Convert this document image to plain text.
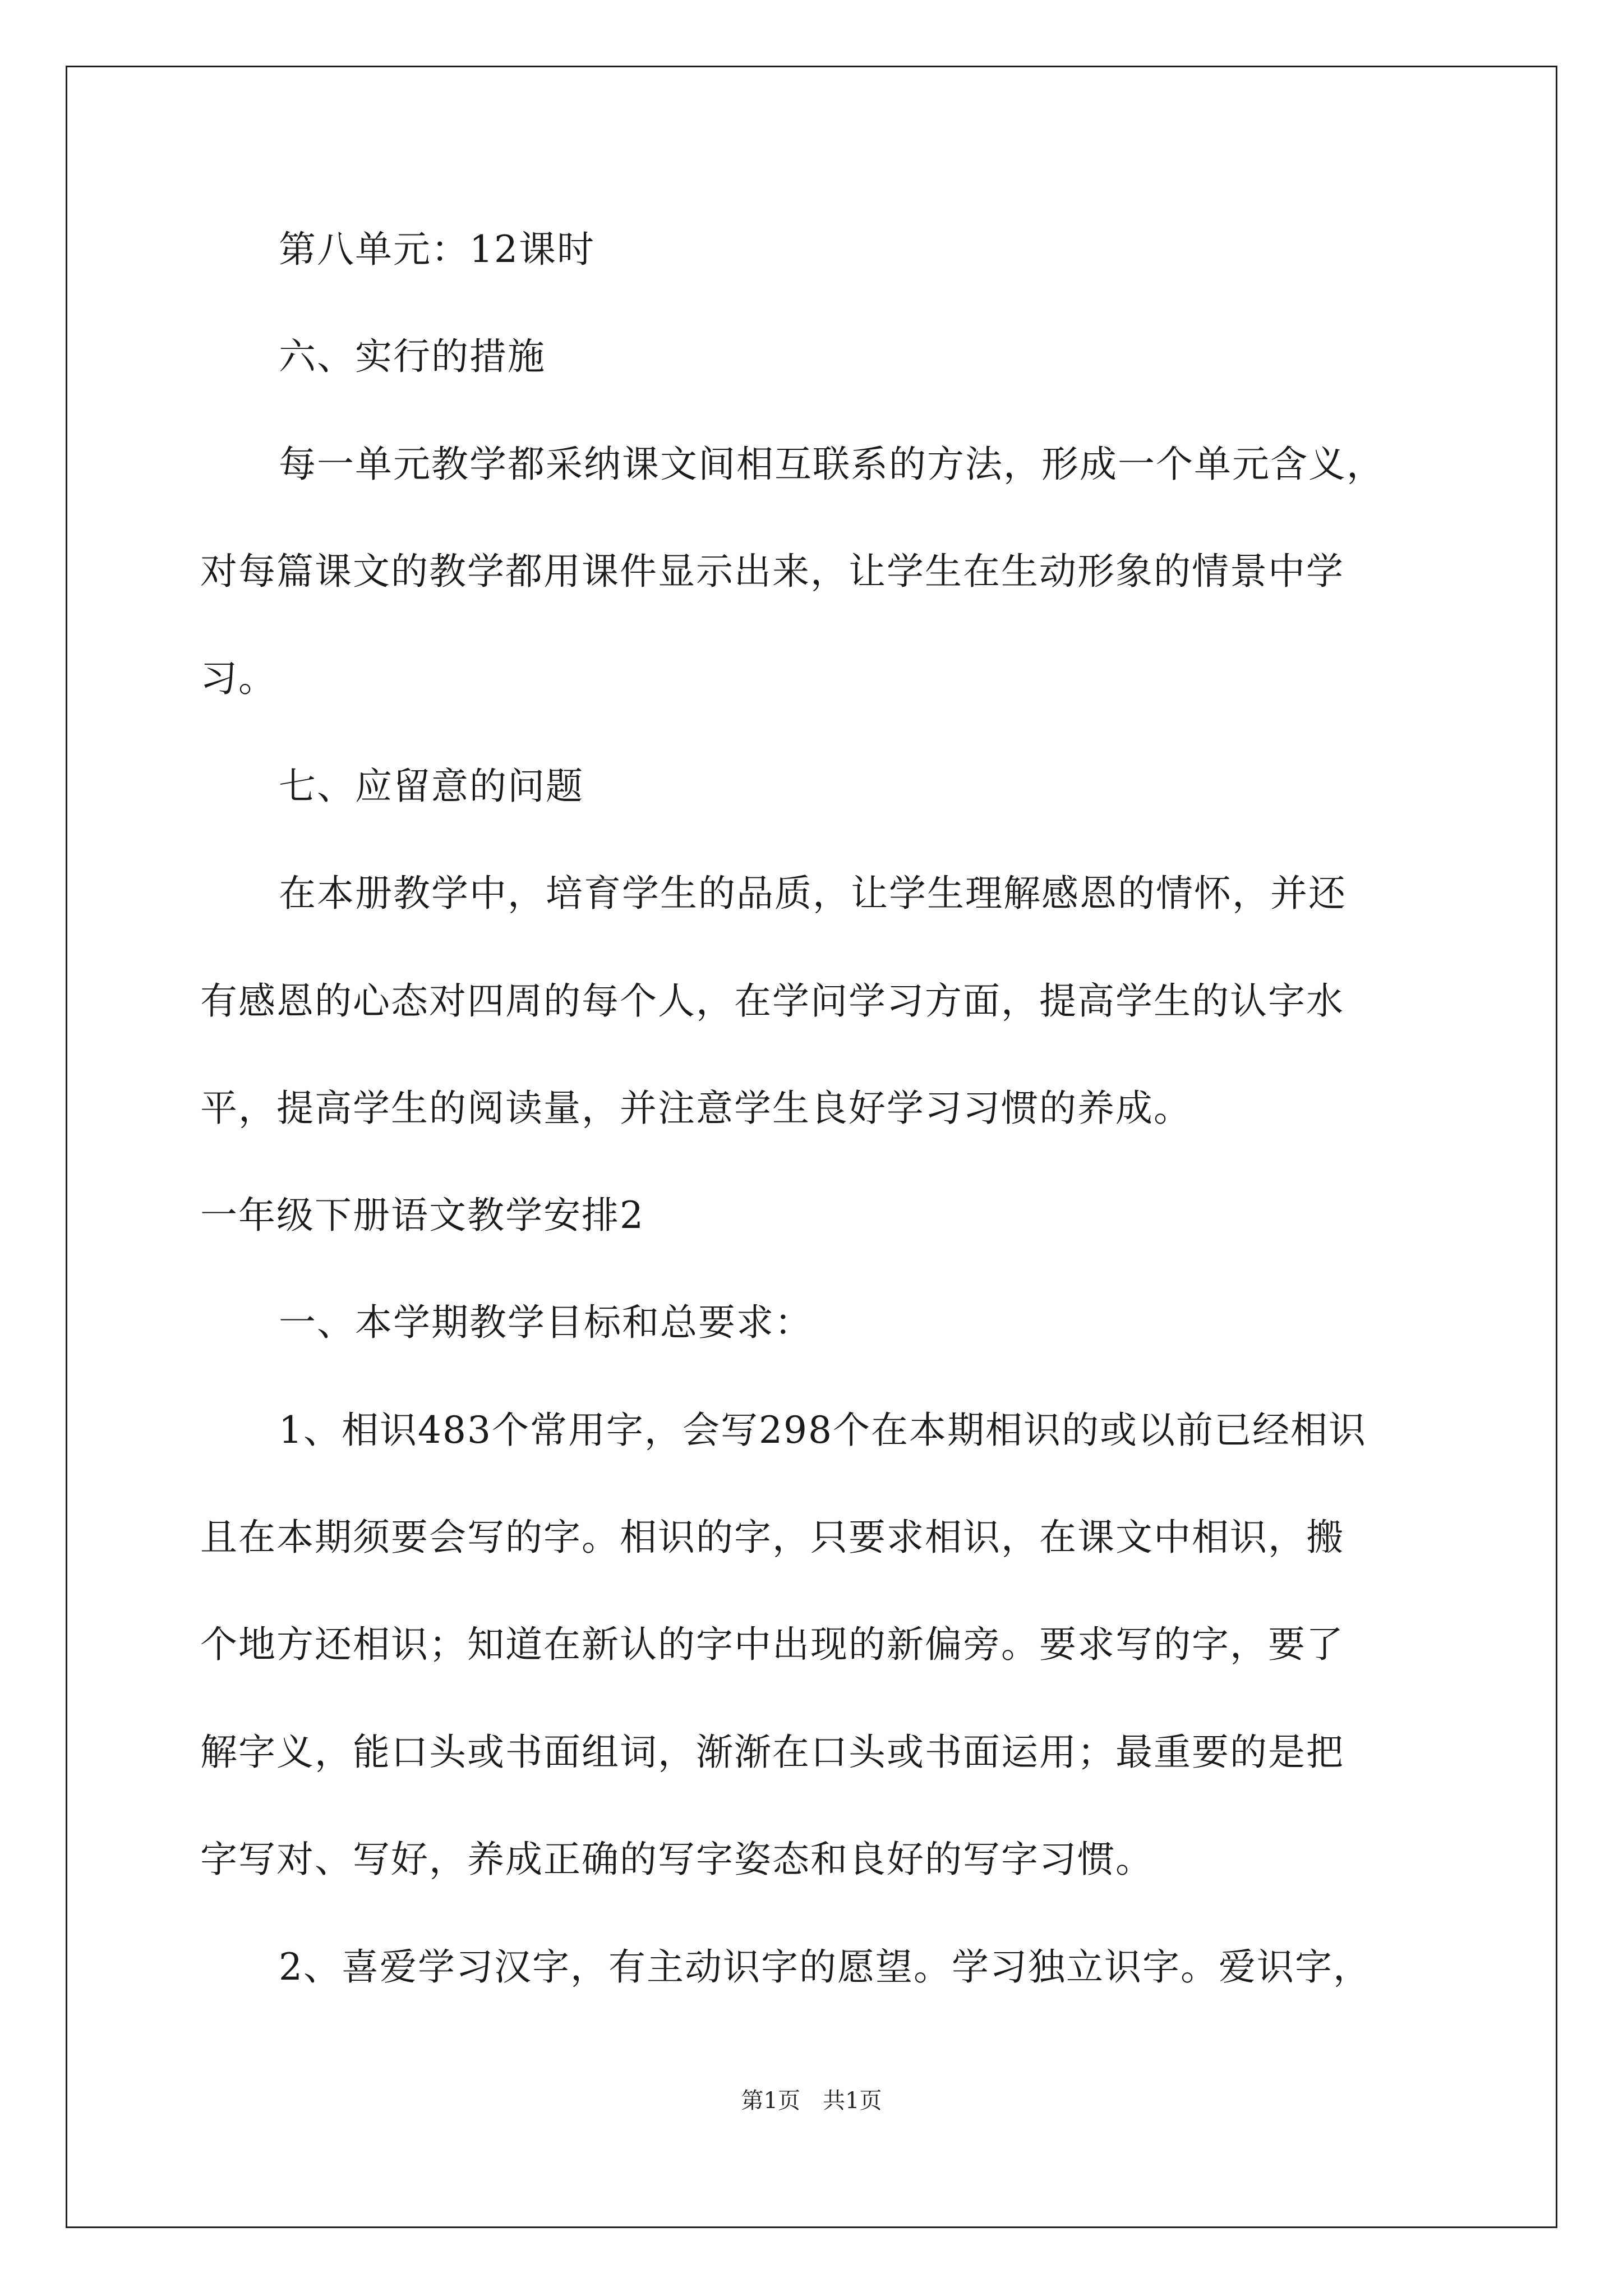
第八单元：12课时
六、实行的措施
每一单元教学都采纳课文间相互联系的方法，形成一个单元含义，
对每篇课文的教学都用课件显示出来，让学生在生动形象的情景中学
习。
七、应留意的问题
在本册教学中，培育学生的品质，让学生理解感恩的情怀，并还
有感恩的心态对四周的每个人，在学问学习方面，提高学生的认字水
平，提高学生的阅读量，并注意学生良好学习习惯的养成。
一年级下册语文教学安排2
一、本学期教学目标和总要求：
1、相识483个常用字，会写298个在本期相识的或以前已经相识
且在本期须要会写的字。相识的字，只要求相识，在课文中相识，搬
个地方还相识；知道在新认的字中出现的新偏旁。要求写的字，要了
解字义，能口头或书面组词，渐渐在口头或书面运用；最重要的是把
字写对、写好，养成正确的写字姿态和良好的写字习惯。
2、喜爱学习汉字，有主动识字的愿望。学习独立识字。爱识字，
第1页　共1页
